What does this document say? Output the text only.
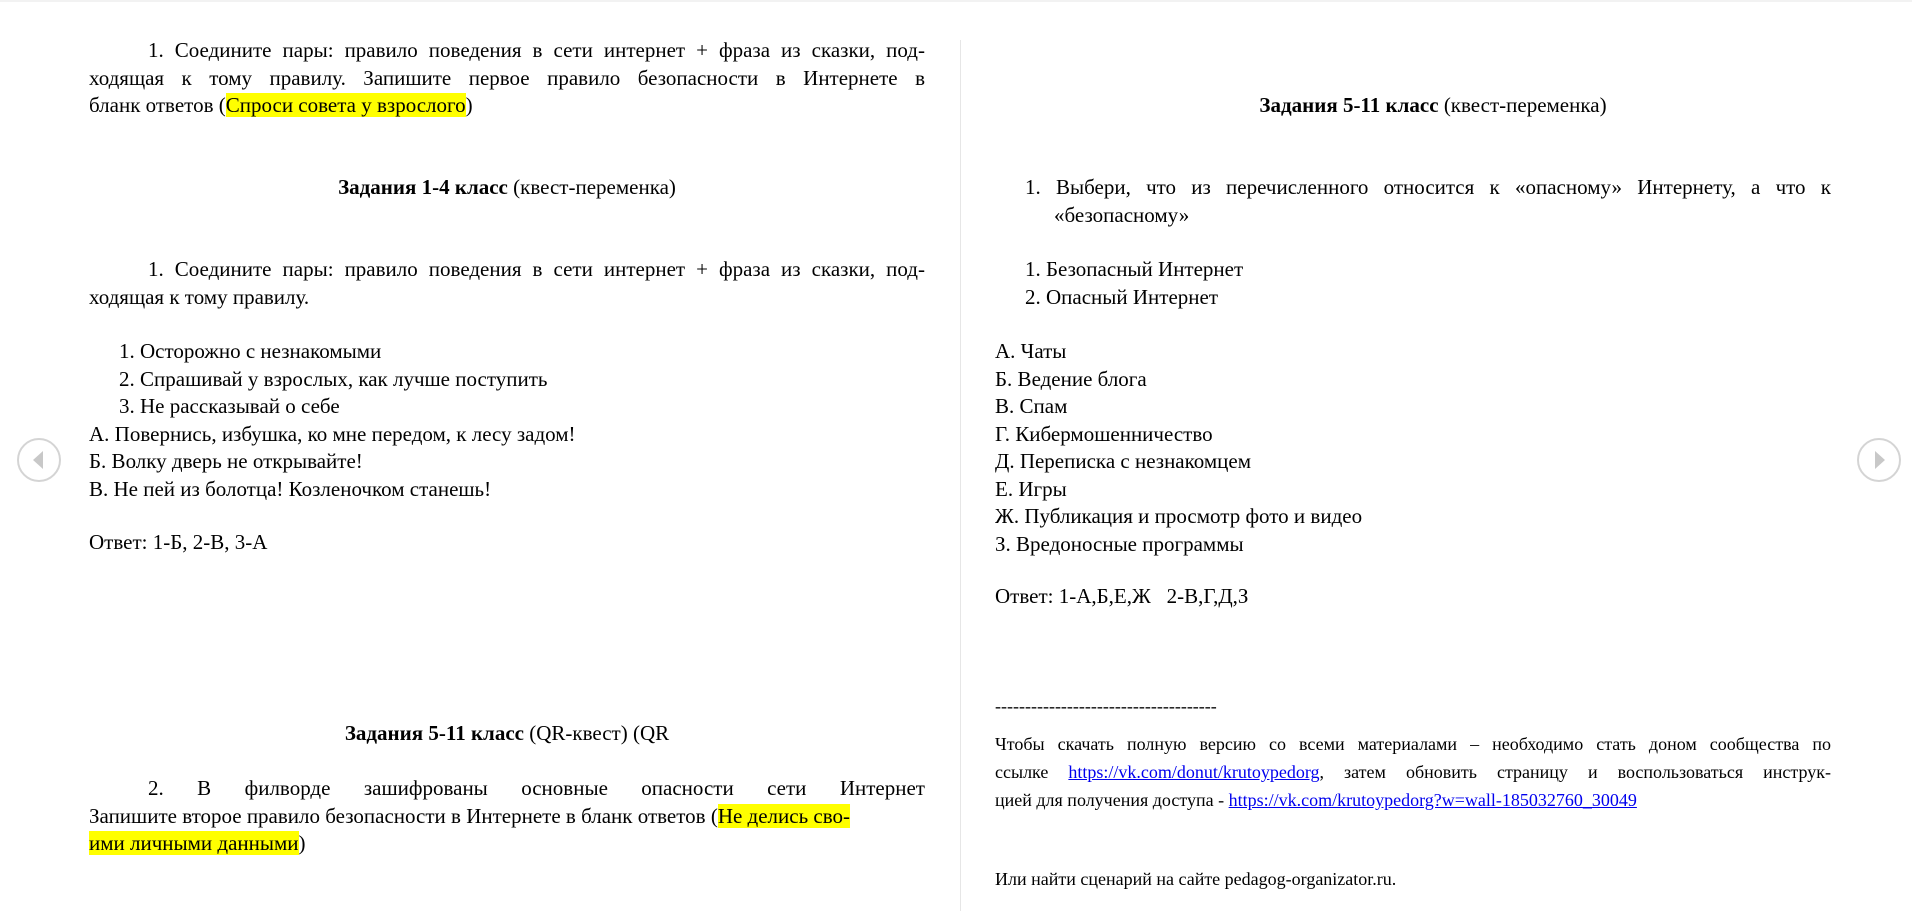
1. Соедините пары: правило поведения в сети интернет + фраза из сказки, под-
ходящая к тому правилу. Запишите первое правило безопасности в Интернете в
бланк ответов (Спроси совета у взрослого)
Задания 1-4 класс (квест-переменка)
1. Соедините пары: правило поведения в сети интернет + фраза из сказки, под-
ходящая к тому правилу.
1. Осторожно с незнакомыми
2. Спрашивай у взрослых, как лучше поступить
3. Не рассказывай о себе
А. Повернись, избушка, ко мне передом, к лесу задом!
Б. Волку дверь не открывайте!
В. Не пей из болотца! Козленочком станешь!
Ответ: 1-Б, 2-В, 3-А
Задания 5-11 класс (QR-квест) (QR
2. В филворде зашифрованы основные опасности сети Интернет
Запишите второе правило безопасности в Интернете в бланк ответов (Не делись сво-
ими личными данными)
Задания 5-11 класс (квест-переменка)
1. Выбери, что из перечисленного относится к «опасному» Интернету, а что к
«безопасному»
1. Безопасный Интернет
2. Опасный Интернет
А. Чаты
Б. Ведение блога
В. Спам
Г. Кибермошенничество
Д. Переписка с незнакомцем
Е. Игры
Ж. Публикация и просмотр фото и видео
З. Вредоносные программы
Ответ: 1-А,Б,Е,Ж   2-В,Г,Д,З
-------------------------------------
Чтобы скачать полную версию со всеми материалами – необходимо стать доном сообщества по
ссылке https://vk.com/donut/krutoypedorg, затем обновить страницу и воспользоваться инструк-
цией для получения доступа - https://vk.com/krutoypedorg?w=wall-185032760_30049
Или найти сценарий на сайте pedagog-organizator.ru.
